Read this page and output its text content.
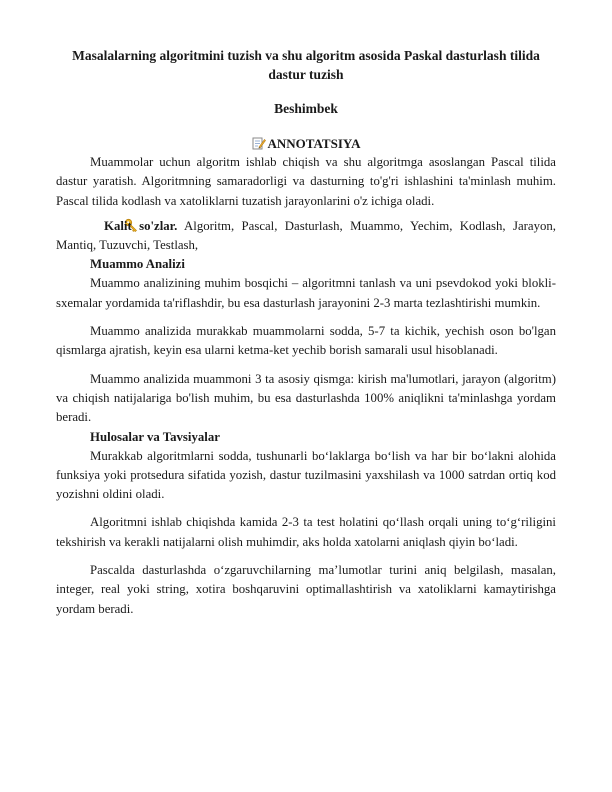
Masalalarning algoritmini tuzish va shu algoritm asosida Paskal dasturlash tilida dastur tuzish
Beshimbek
ANNOTATSIYA

Muammolar uchun algoritm ishlab chiqish va shu algoritmga asoslangan Pascal tilida dastur yaratish. Algoritmning samaradorligi va dasturning to'g'ri ishlashini ta'minlash muhim. Pascal tilida kodlash va xatoliklarni tuzatish jarayonlarini o'z ichiga oladi.

Kalit so'zlar. Algoritm, Pascal, Dasturlash, Muammo, Yechim, Kodlash, Jarayon, Mantiq, Tuzuvchi, Testlash,

Muammo Analizi

Muammo analizining muhim bosqichi – algoritmni tanlash va uni psevdokod yoki blokli-sxemalar yordamida ta'riflashdir, bu esa dasturlash jarayonini 2-3 marta tezlashtirishi mumkin.

Muammo analizida murakkab muammolarni sodda, 5-7 ta kichik, yechish oson bo'lgan qismlarga ajratish, keyin esa ularni ketma-ket yechib borish samarali usul hisoblanadi.

Muammo analizida muammoni 3 ta asosiy qismga: kirish ma'lumotlari, jarayon (algoritm) va chiqish natijalariga bo'lish muhim, bu esa dasturlashda 100% aniqlikni ta'minlashga yordam beradi.

Hulosalar va Tavsiyalar

Murakkab algoritmlarni sodda, tushunarli bo‘laklarga bo‘lish va har bir bo‘lakni alohida funksiya yoki protsedura sifatida yozish, dastur tuzilmasini yaxshilash va 1000 satrdan ortiq kod yozishni oldini oladi.

Algoritmni ishlab chiqishda kamida 2-3 ta test holatini qo‘llash orqali uning to‘g‘riligini tekshirish va kerakli natijalarni olish muhimdir, aks holda xatolarni aniqlash qiyin bo‘ladi.

Pascalda dasturlashda o‘zgaruvchilarning ma’lumotlar turini aniq belgilash, masalan, integer, real yoki string, xotira boshqaruvini optimallashtirish va xatoliklarni kamaytirishga yordam beradi.
